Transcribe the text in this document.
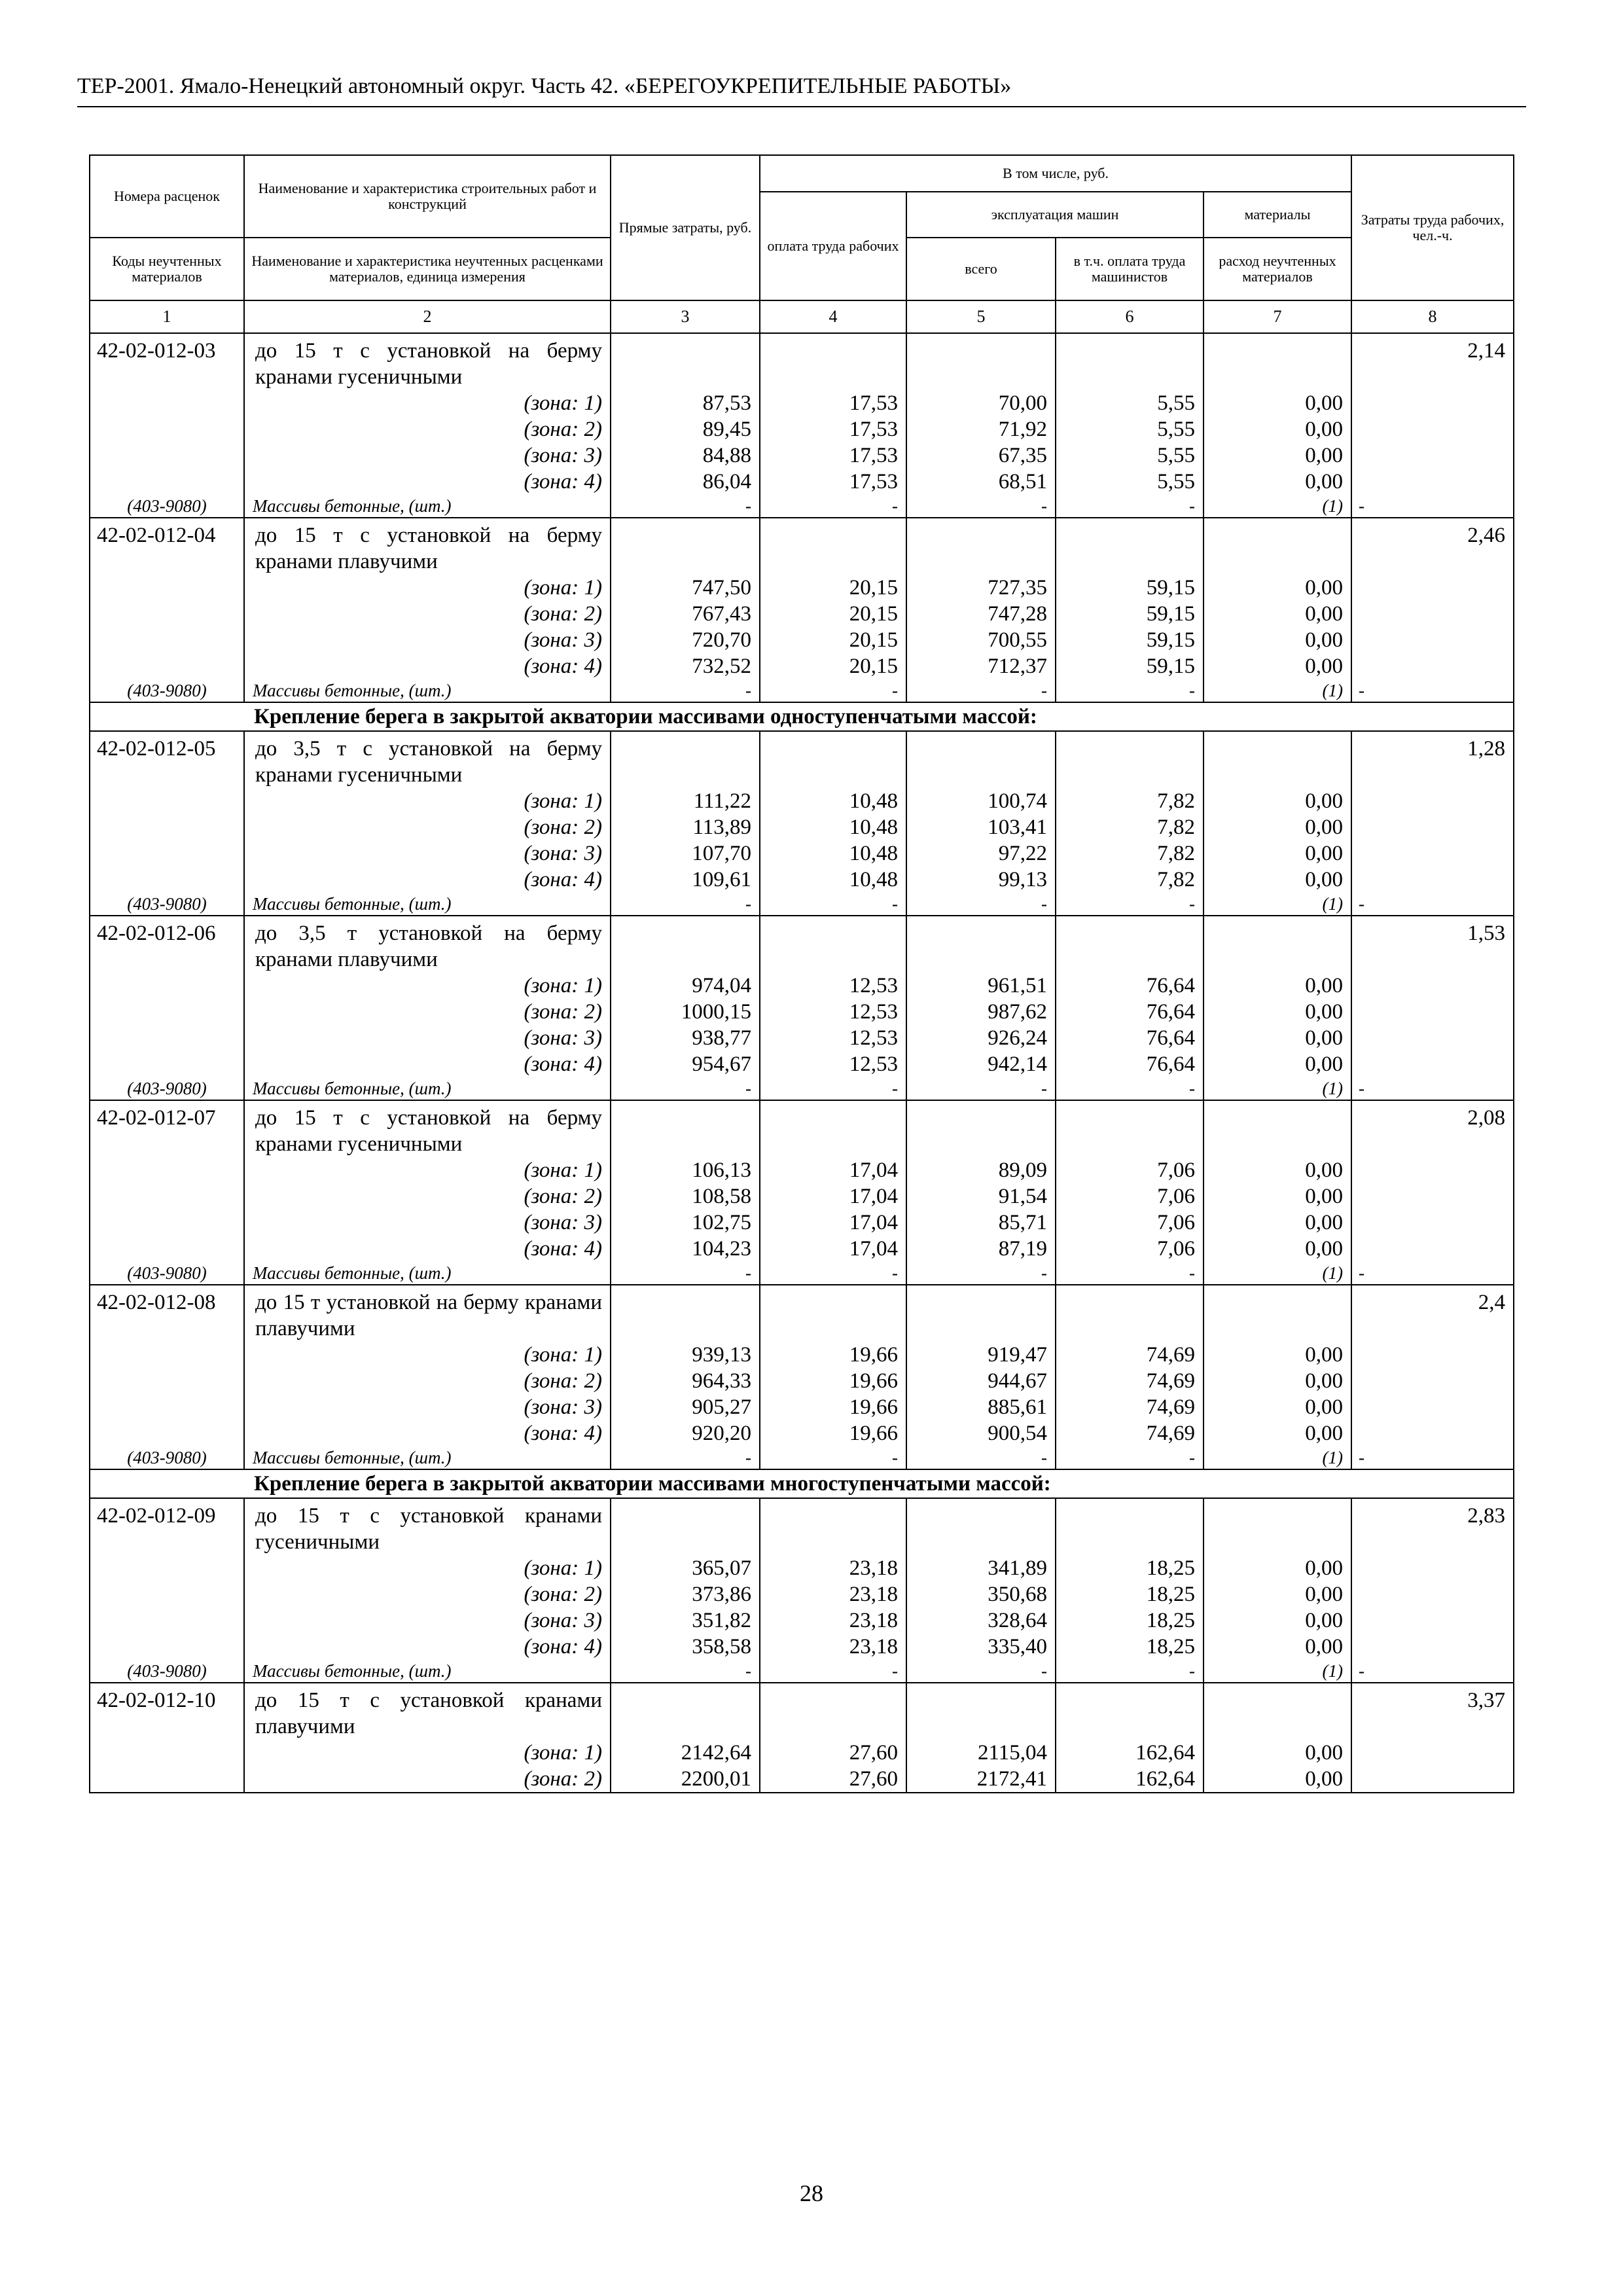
ТЕР-2001. Ямало-Ненецкий автономный округ. Часть 42. «БЕРЕГОУКРЕПИТЕЛЬНЫЕ РАБОТЫ»
Номера расценок	Наименование и характеристика строительных работ и конструкций	Прямые затраты, руб.	В том числе, руб.				Затраты труда рабочих, чел.-ч.
			оплата труда рабочих	эксплуатация машин		материалы	
Коды неучтенных материалов	Наименование и характеристика неучтенных расценками материалов, единица измерения			всего	в т.ч. оплата труда машинистов	расход неучтенных материалов	
1	2	3	4	5	6	7	8
42-02-012-03	до 15 т с установкой на берму кранами гусеничными						2,14
	(зона: 1)	87,53	17,53	70,00	5,55	0,00	
	(зона: 2)	89,45	17,53	71,92	5,55	0,00	
	(зона: 3)	84,88	17,53	67,35	5,55	0,00	
	(зона: 4)	86,04	17,53	68,51	5,55	0,00	
(403-9080)	Массивы бетонные, (шт.)	-	-	-	-	(1)	-
42-02-012-04	до 15 т с установкой на берму кранами плавучими						2,46
	(зона: 1)	747,50	20,15	727,35	59,15	0,00	
	(зона: 2)	767,43	20,15	747,28	59,15	0,00	
	(зона: 3)	720,70	20,15	700,55	59,15	0,00	
	(зона: 4)	732,52	20,15	712,37	59,15	0,00	
(403-9080)	Массивы бетонные, (шт.)	-	-	-	-	(1)	-
Крепление берега в закрытой акватории массивами одноступенчатыми массой:							
42-02-012-05	до 3,5 т с установкой на берму кранами гусеничными						1,28
	(зона: 1)	111,22	10,48	100,74	7,82	0,00	
	(зона: 2)	113,89	10,48	103,41	7,82	0,00	
	(зона: 3)	107,70	10,48	97,22	7,82	0,00	
	(зона: 4)	109,61	10,48	99,13	7,82	0,00	
(403-9080)	Массивы бетонные, (шт.)	-	-	-	-	(1)	-
42-02-012-06	до 3,5 т установкой на берму кранами плавучими						1,53
	(зона: 1)	974,04	12,53	961,51	76,64	0,00	
	(зона: 2)	1000,15	12,53	987,62	76,64	0,00	
	(зона: 3)	938,77	12,53	926,24	76,64	0,00	
	(зона: 4)	954,67	12,53	942,14	76,64	0,00	
(403-9080)	Массивы бетонные, (шт.)	-	-	-	-	(1)	-
42-02-012-07	до 15 т с установкой на берму кранами гусеничными						2,08
	(зона: 1)	106,13	17,04	89,09	7,06	0,00	
	(зона: 2)	108,58	17,04	91,54	7,06	0,00	
	(зона: 3)	102,75	17,04	85,71	7,06	0,00	
	(зона: 4)	104,23	17,04	87,19	7,06	0,00	
(403-9080)	Массивы бетонные, (шт.)	-	-	-	-	(1)	-
42-02-012-08	до 15 т установкой на берму кранами плавучими						2,4
	(зона: 1)	939,13	19,66	919,47	74,69	0,00	
	(зона: 2)	964,33	19,66	944,67	74,69	0,00	
	(зона: 3)	905,27	19,66	885,61	74,69	0,00	
	(зона: 4)	920,20	19,66	900,54	74,69	0,00	
(403-9080)	Массивы бетонные, (шт.)	-	-	-	-	(1)	-
Крепление берега в закрытой акватории массивами многоступенчатыми массой:							
42-02-012-09	до 15 т с установкой кранами гусеничными						2,83
	(зона: 1)	365,07	23,18	341,89	18,25	0,00	
	(зона: 2)	373,86	23,18	350,68	18,25	0,00	
	(зона: 3)	351,82	23,18	328,64	18,25	0,00	
	(зона: 4)	358,58	23,18	335,40	18,25	0,00	
(403-9080)	Массивы бетонные, (шт.)	-	-	-	-	(1)	-
42-02-012-10	до 15 т с установкой кранами плавучими						3,37
	(зона: 1)	2142,64	27,60	2115,04	162,64	0,00	
	(зона: 2)	2200,01	27,60	2172,41	162,64	0,00	
28
